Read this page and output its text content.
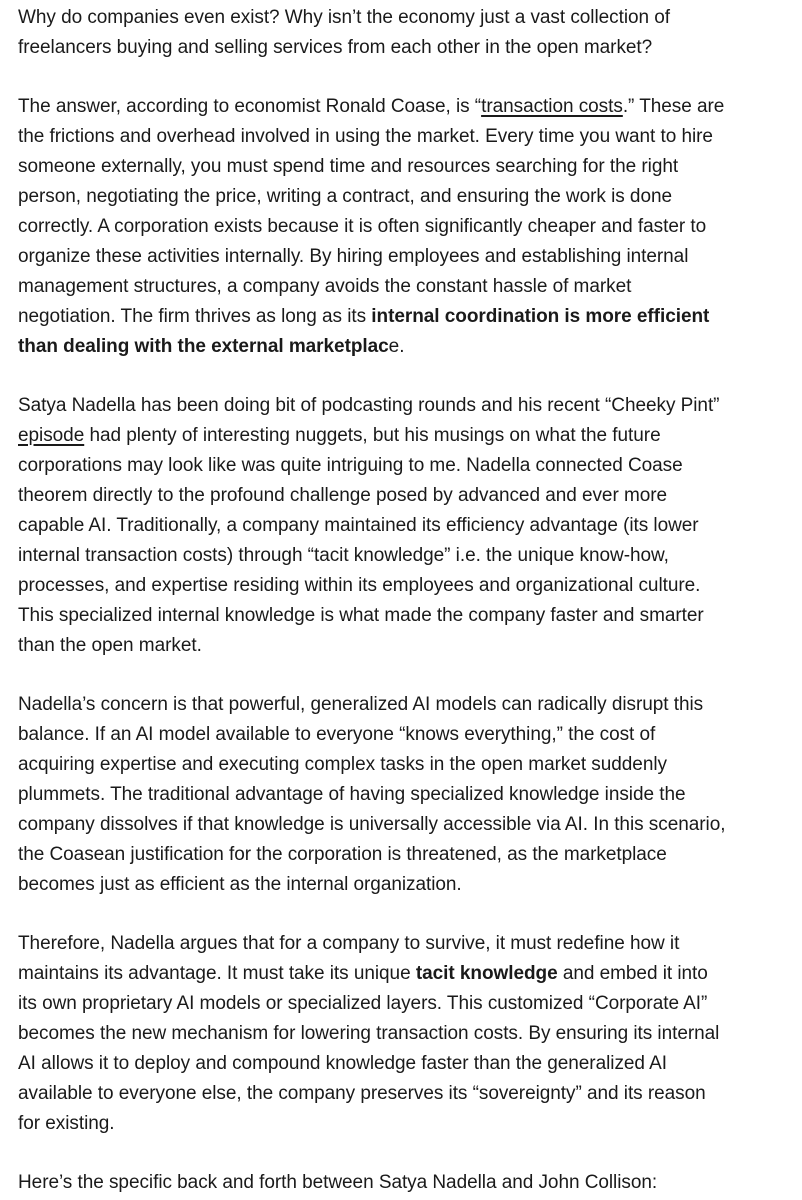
Why do companies even exist? Why isn’t the economy just a vast collection of
freelancers buying and selling services from each other in the open market?

The answer, according to economist Ronald Coase, is “transaction costs.” These are
the frictions and overhead involved in using the market. Every time you want to hire
someone externally, you must spend time and resources searching for the right
person, negotiating the price, writing a contract, and ensuring the work is done
correctly. A corporation exists because it is often significantly cheaper and faster to
organize these activities internally. By hiring employees and establishing internal
management structures, a company avoids the constant hassle of market
negotiation. The firm thrives as long as its internal coordination is more efficient
than dealing with the external marketplace.

Satya Nadella has been doing bit of podcasting rounds and his recent “Cheeky Pint”
episode had plenty of interesting nuggets, but his musings on what the future
corporations may look like was quite intriguing to me. Nadella connected Coase
theorem directly to the profound challenge posed by advanced and ever more
capable AI. Traditionally, a company maintained its efficiency advantage (its lower
internal transaction costs) through “tacit knowledge” i.e. the unique know-how,
processes, and expertise residing within its employees and organizational culture.
This specialized internal knowledge is what made the company faster and smarter
than the open market.

Nadella’s concern is that powerful, generalized AI models can radically disrupt this
balance. If an AI model available to everyone “knows everything,” the cost of
acquiring expertise and executing complex tasks in the open market suddenly
plummets. The traditional advantage of having specialized knowledge inside the
company dissolves if that knowledge is universally accessible via AI. In this scenario,
the Coasean justification for the corporation is threatened, as the marketplace
becomes just as efficient as the internal organization.

Therefore, Nadella argues that for a company to survive, it must redefine how it
maintains its advantage. It must take its unique tacit knowledge and embed it into
its own proprietary AI models or specialized layers. This customized “Corporate AI”
becomes the new mechanism for lowering transaction costs. By ensuring its internal
AI allows it to deploy and compound knowledge faster than the generalized AI
available to everyone else, the company preserves its “sovereignty” and its reason
for existing.

Here’s the specific back and forth between Satya Nadella and John Collison:
